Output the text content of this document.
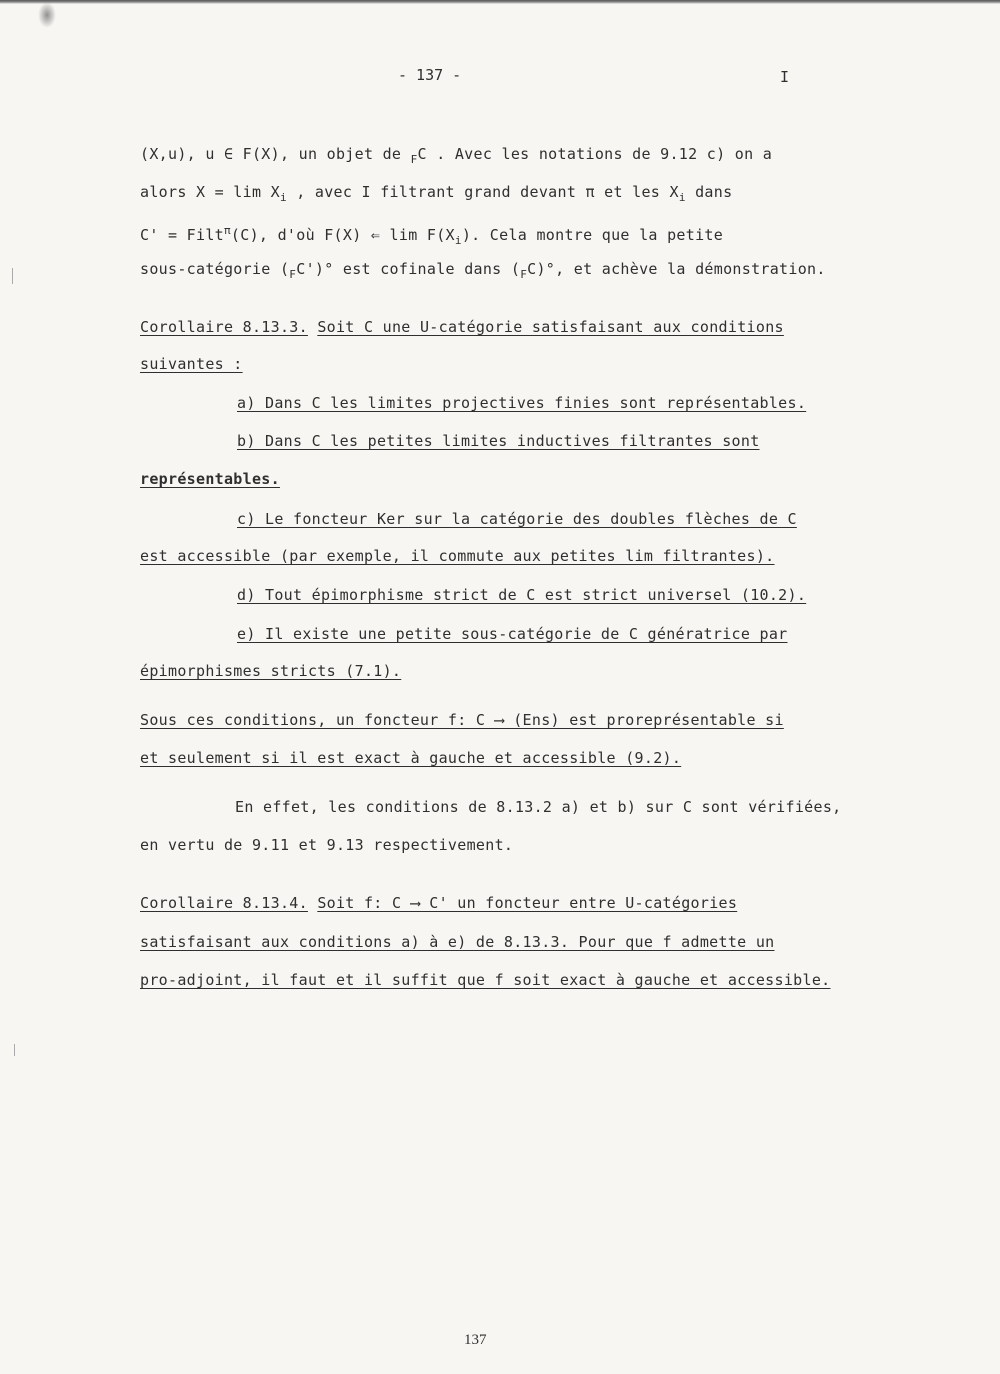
- 137 -	I
(X,u), u ∈ F(X), un objet de $_F$C . Avec les notations de 9.12 c) on a
alors $X = \lim X_i$ , avec I filtrant grand devant π et les $X_i$ dans
C' = Filt$^\pi$(C), d'où F(X) ⇐ $\lim F(X_i)$. Cela montre que la petite
sous-catégorie $(_FC')^\circ$ est cofinale dans $(_FC)^\circ$, et achève la démonstration.
Corollaire 8.13.3. Soit C une U-catégorie satisfaisant aux conditions
suivantes :
a) Dans C les limites projectives finies sont représentables.
b) Dans C les petites limites inductives filtrantes sont
représentables.
c) Le foncteur Ker sur la catégorie des doubles flèches de C
est accessible (par exemple, il commute aux petites lim filtrantes).
d) Tout épimorphisme strict de C est strict universel (10.2).
e) Il existe une petite sous-catégorie de C génératrice par
épimorphismes stricts (7.1).
Sous ces conditions, un foncteur f: C ⟶ (Ens) est proreprésentable si
et seulement si il est exact à gauche et accessible (9.2).
En effet, les conditions de 8.13.2 a) et b) sur C sont vérifiées,
en vertu de 9.11 et 9.13 respectivement.
Corollaire 8.13.4. Soit f: C ⟶ C' un foncteur entre U-catégories
satisfaisant aux conditions a) à e) de 8.13.3. Pour que f admette un
pro-adjoint, il faut et il suffit que f soit exact à gauche et accessible.
137
